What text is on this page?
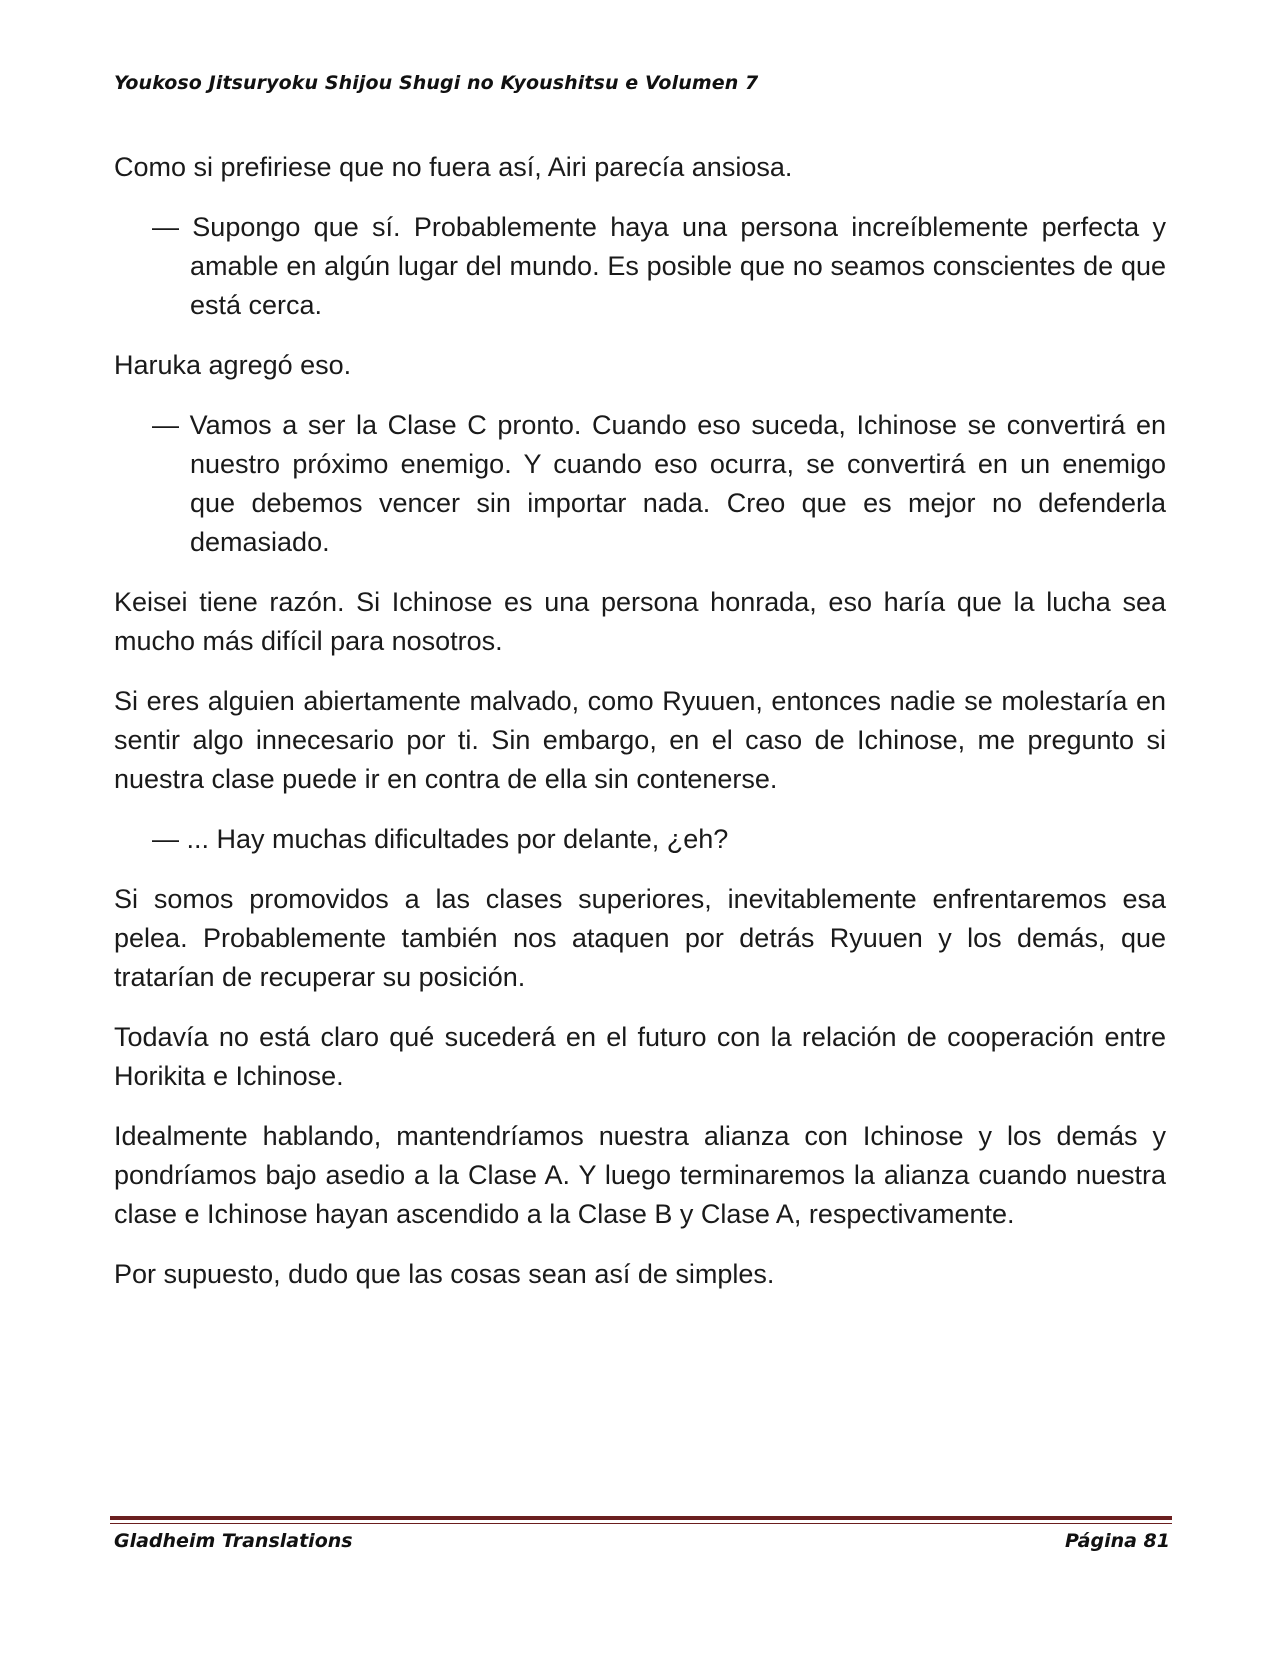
Youkoso Jitsuryoku Shijou Shugi no Kyoushitsu e Volumen 7

Como si prefiriese que no fuera así, Airi parecía ansiosa.

— Supongo que sí. Probablemente haya una persona increíblemente perfecta y amable en algún lugar del mundo. Es posible que no seamos conscientes de que está cerca.

Haruka agregó eso.

— Vamos a ser la Clase C pronto. Cuando eso suceda, Ichinose se convertirá en nuestro próximo enemigo. Y cuando eso ocurra, se convertirá en un enemigo que debemos vencer sin importar nada. Creo que es mejor no defenderla demasiado.

Keisei tiene razón. Si Ichinose es una persona honrada, eso haría que la lucha sea mucho más difícil para nosotros.

Si eres alguien abiertamente malvado, como Ryuuen, entonces nadie se molestaría en sentir algo innecesario por ti. Sin embargo, en el caso de Ichinose, me pregunto si nuestra clase puede ir en contra de ella sin contenerse.

— ... Hay muchas dificultades por delante, ¿eh?

Si somos promovidos a las clases superiores, inevitablemente enfrentaremos esa pelea. Probablemente también nos ataquen por detrás Ryuuen y los demás, que tratarían de recuperar su posición.

Todavía no está claro qué sucederá en el futuro con la relación de cooperación entre Horikita e Ichinose.

Idealmente hablando, mantendríamos nuestra alianza con Ichinose y los demás y pondríamos bajo asedio a la Clase A. Y luego terminaremos la alianza cuando nuestra clase e Ichinose hayan ascendido a la Clase B y Clase A, respectivamente.

Por supuesto, dudo que las cosas sean así de simples.

Gladheim Translations	Página 81
